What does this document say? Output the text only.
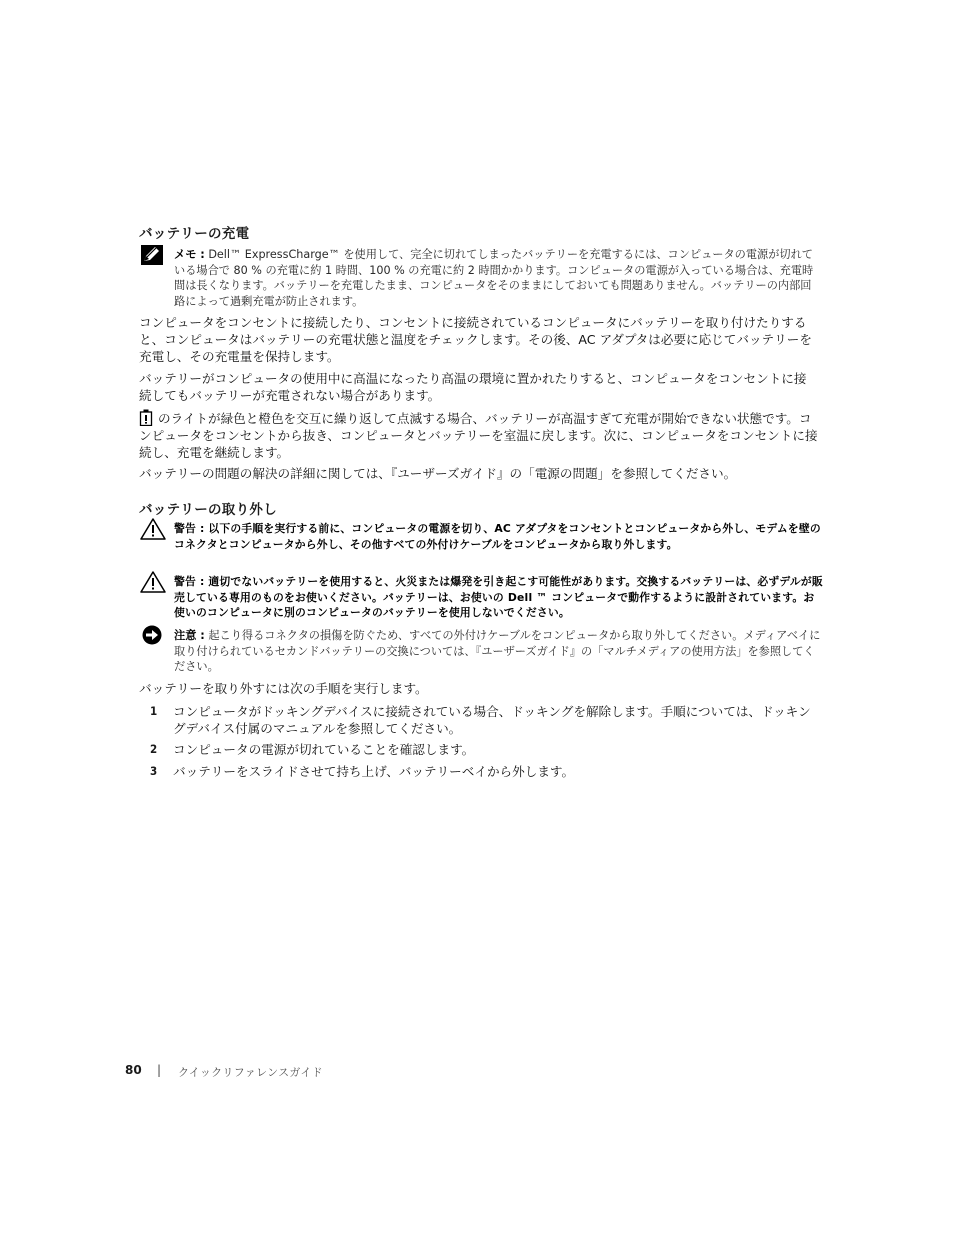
バッテリーの充電
メモ : Dell™ ExpressCharge™ を使用して、完全に切れてしまったバッテリーを充電するには、コンピュータの電源が切れている場合で 80 % の充電に約 1 時間、100 % の充電に約 2 時間かかります。コンピュータの電源が入っている場合は、充電時間は長くなります。バッテリーを充電したまま、コンピュータをそのままにしておいても問題ありません。バッテリーの内部回路によって過剰充電が防止されます。
コンピュータをコンセントに接続したり、コンセントに接続されているコンピュータにバッテリーを取り付けたりすると、コンピュータはバッテリーの充電状態と温度をチェックします。その後、AC アダプタは必要に応じてバッテリーを充電し、その充電量を保持します。
バッテリーがコンピュータの使用中に高温になったり高温の環境に置かれたりすると、コンピュータをコンセントに接続してもバッテリーが充電されない場合があります。
のライトが緑色と橙色を交互に繰り返して点滅する場合、バッテリーが高温すぎて充電が開始できない状態です。コンピュータをコンセントから抜き、コンピュータとバッテリーを室温に戻します。次に、コンピュータをコンセントに接続し、充電を継続します。
バッテリーの問題の解決の詳細に関しては、『ユーザーズガイド』の「電源の問題」を参照してください。
バッテリーの取り外し
警告 : 以下の手順を実行する前に、コンピュータの電源を切り、AC アダプタをコンセントとコンピュータから外し、モデムを壁のコネクタとコンピュータから外し、その他すべての外付けケーブルをコンピュータから取り外します。
警告 : 適切でないバッテリーを使用すると、火災または爆発を引き起こす可能性があります。交換するバッテリーは、必ずデルが販売している専用のものをお使いください。バッテリーは、お使いの Dell ™ コンピュータで動作するように設計されています。お使いのコンピュータに別のコンピュータのバッテリーを使用しないでください。
注意 : 起こり得るコネクタの損傷を防ぐため、すべての外付けケーブルをコンピュータから取り外してください。メディアベイに取り付けられているセカンドバッテリーの交換については、『ユーザーズガイド』の「マルチメディアの使用方法」を参照してください。
バッテリーを取り外すには次の手順を実行します。
1	コンピュータがドッキングデバイスに接続されている場合、ドッキングを解除します。手順については、ドッキングデバイス付属のマニュアルを参照してください。
2	コンピュータの電源が切れていることを確認します。
3	バッテリーをスライドさせて持ち上げ、バッテリーベイから外します。
80 | クイックリファレンスガイド
